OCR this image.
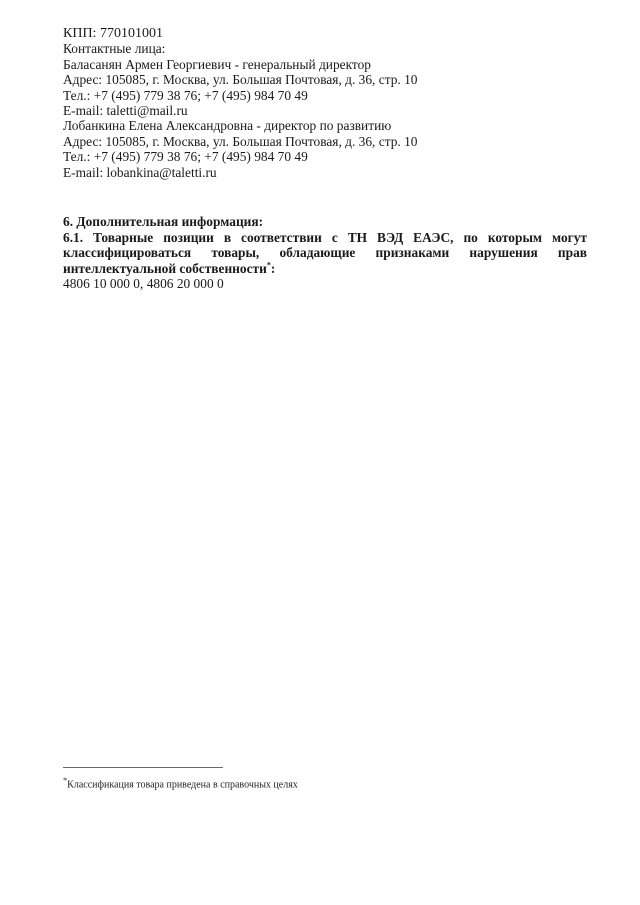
КПП: 770101001
Контактные лица:
Баласанян Армен Георгиевич - генеральный директор
Адрес: 105085, г. Москва, ул. Большая Почтовая, д. 36, стр. 10
Тел.: +7 (495) 779 38 76; +7 (495) 984 70 49
E-mail: taletti@mail.ru
Лобанкина Елена Александровна - директор по развитию
Адрес: 105085, г. Москва, ул. Большая Почтовая, д. 36, стр. 10
Тел.: +7 (495) 779 38 76; +7 (495) 984 70 49
E-mail: lobankina@taletti.ru
6. Дополнительная информация:
6.1. Товарные позиции в соответствии с ТН ВЭД ЕАЭС, по которым могут классифицироваться товары, обладающие признаками нарушения прав интеллектуальной собственности*:
4806 10 000 0, 4806 20 000 0
*Классификация товара приведена в справочных целях
